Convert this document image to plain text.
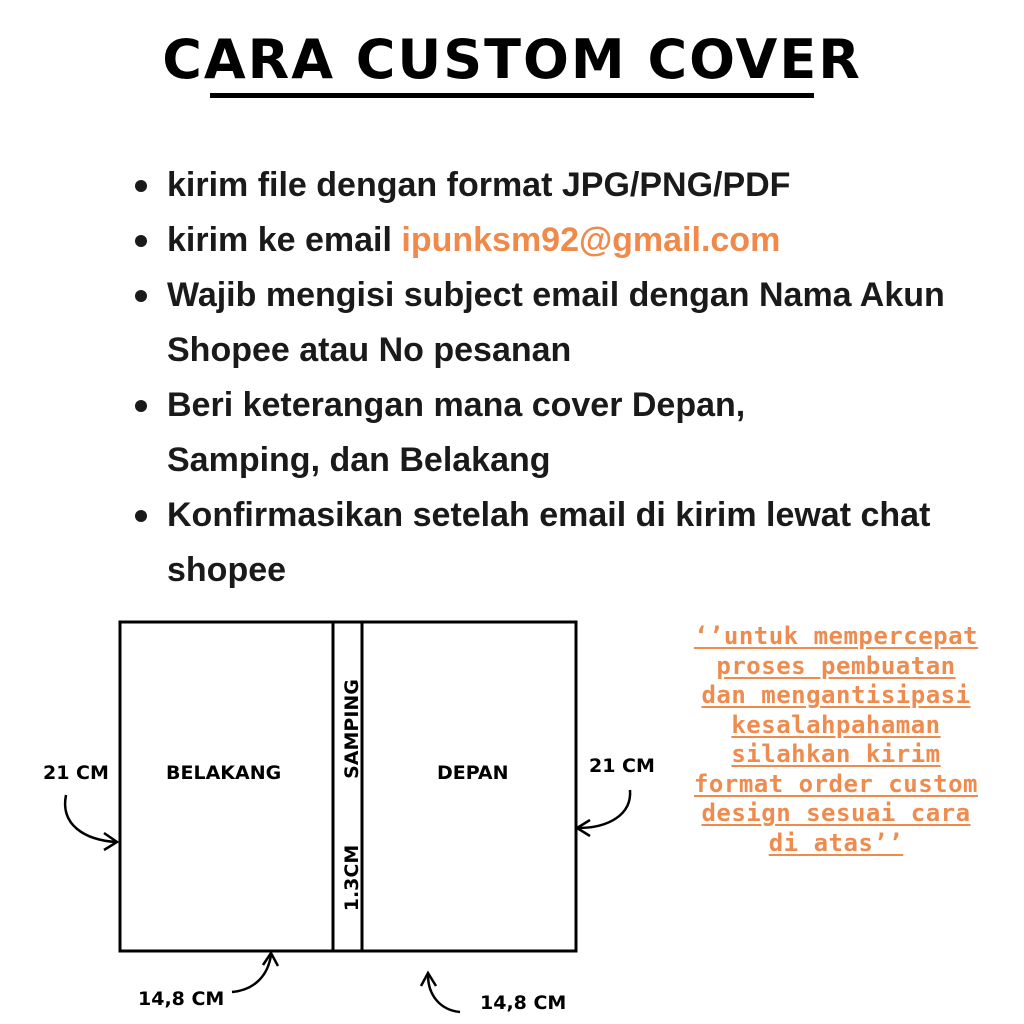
CARA CUSTOM COVER
kirim file dengan format JPG/PNG/PDF
kirim ke email ipunksm92@gmail.com
Wajib mengisi subject email dengan Nama Akun Shopee atau No pesanan
Beri keterangan mana cover Depan, Samping, dan Belakang
Konfirmasikan setelah email di kirim lewat chat shopee
BELAKANG	DEPAN
SAMPING
1.3CM
21 CM	21 CM
14,8 CM	14,8 CM
‘’untuk mempercepat proses pembuatan dan mengantisipasi kesalahpahaman silahkan kirim format order custom design sesuai cara di atas’’
